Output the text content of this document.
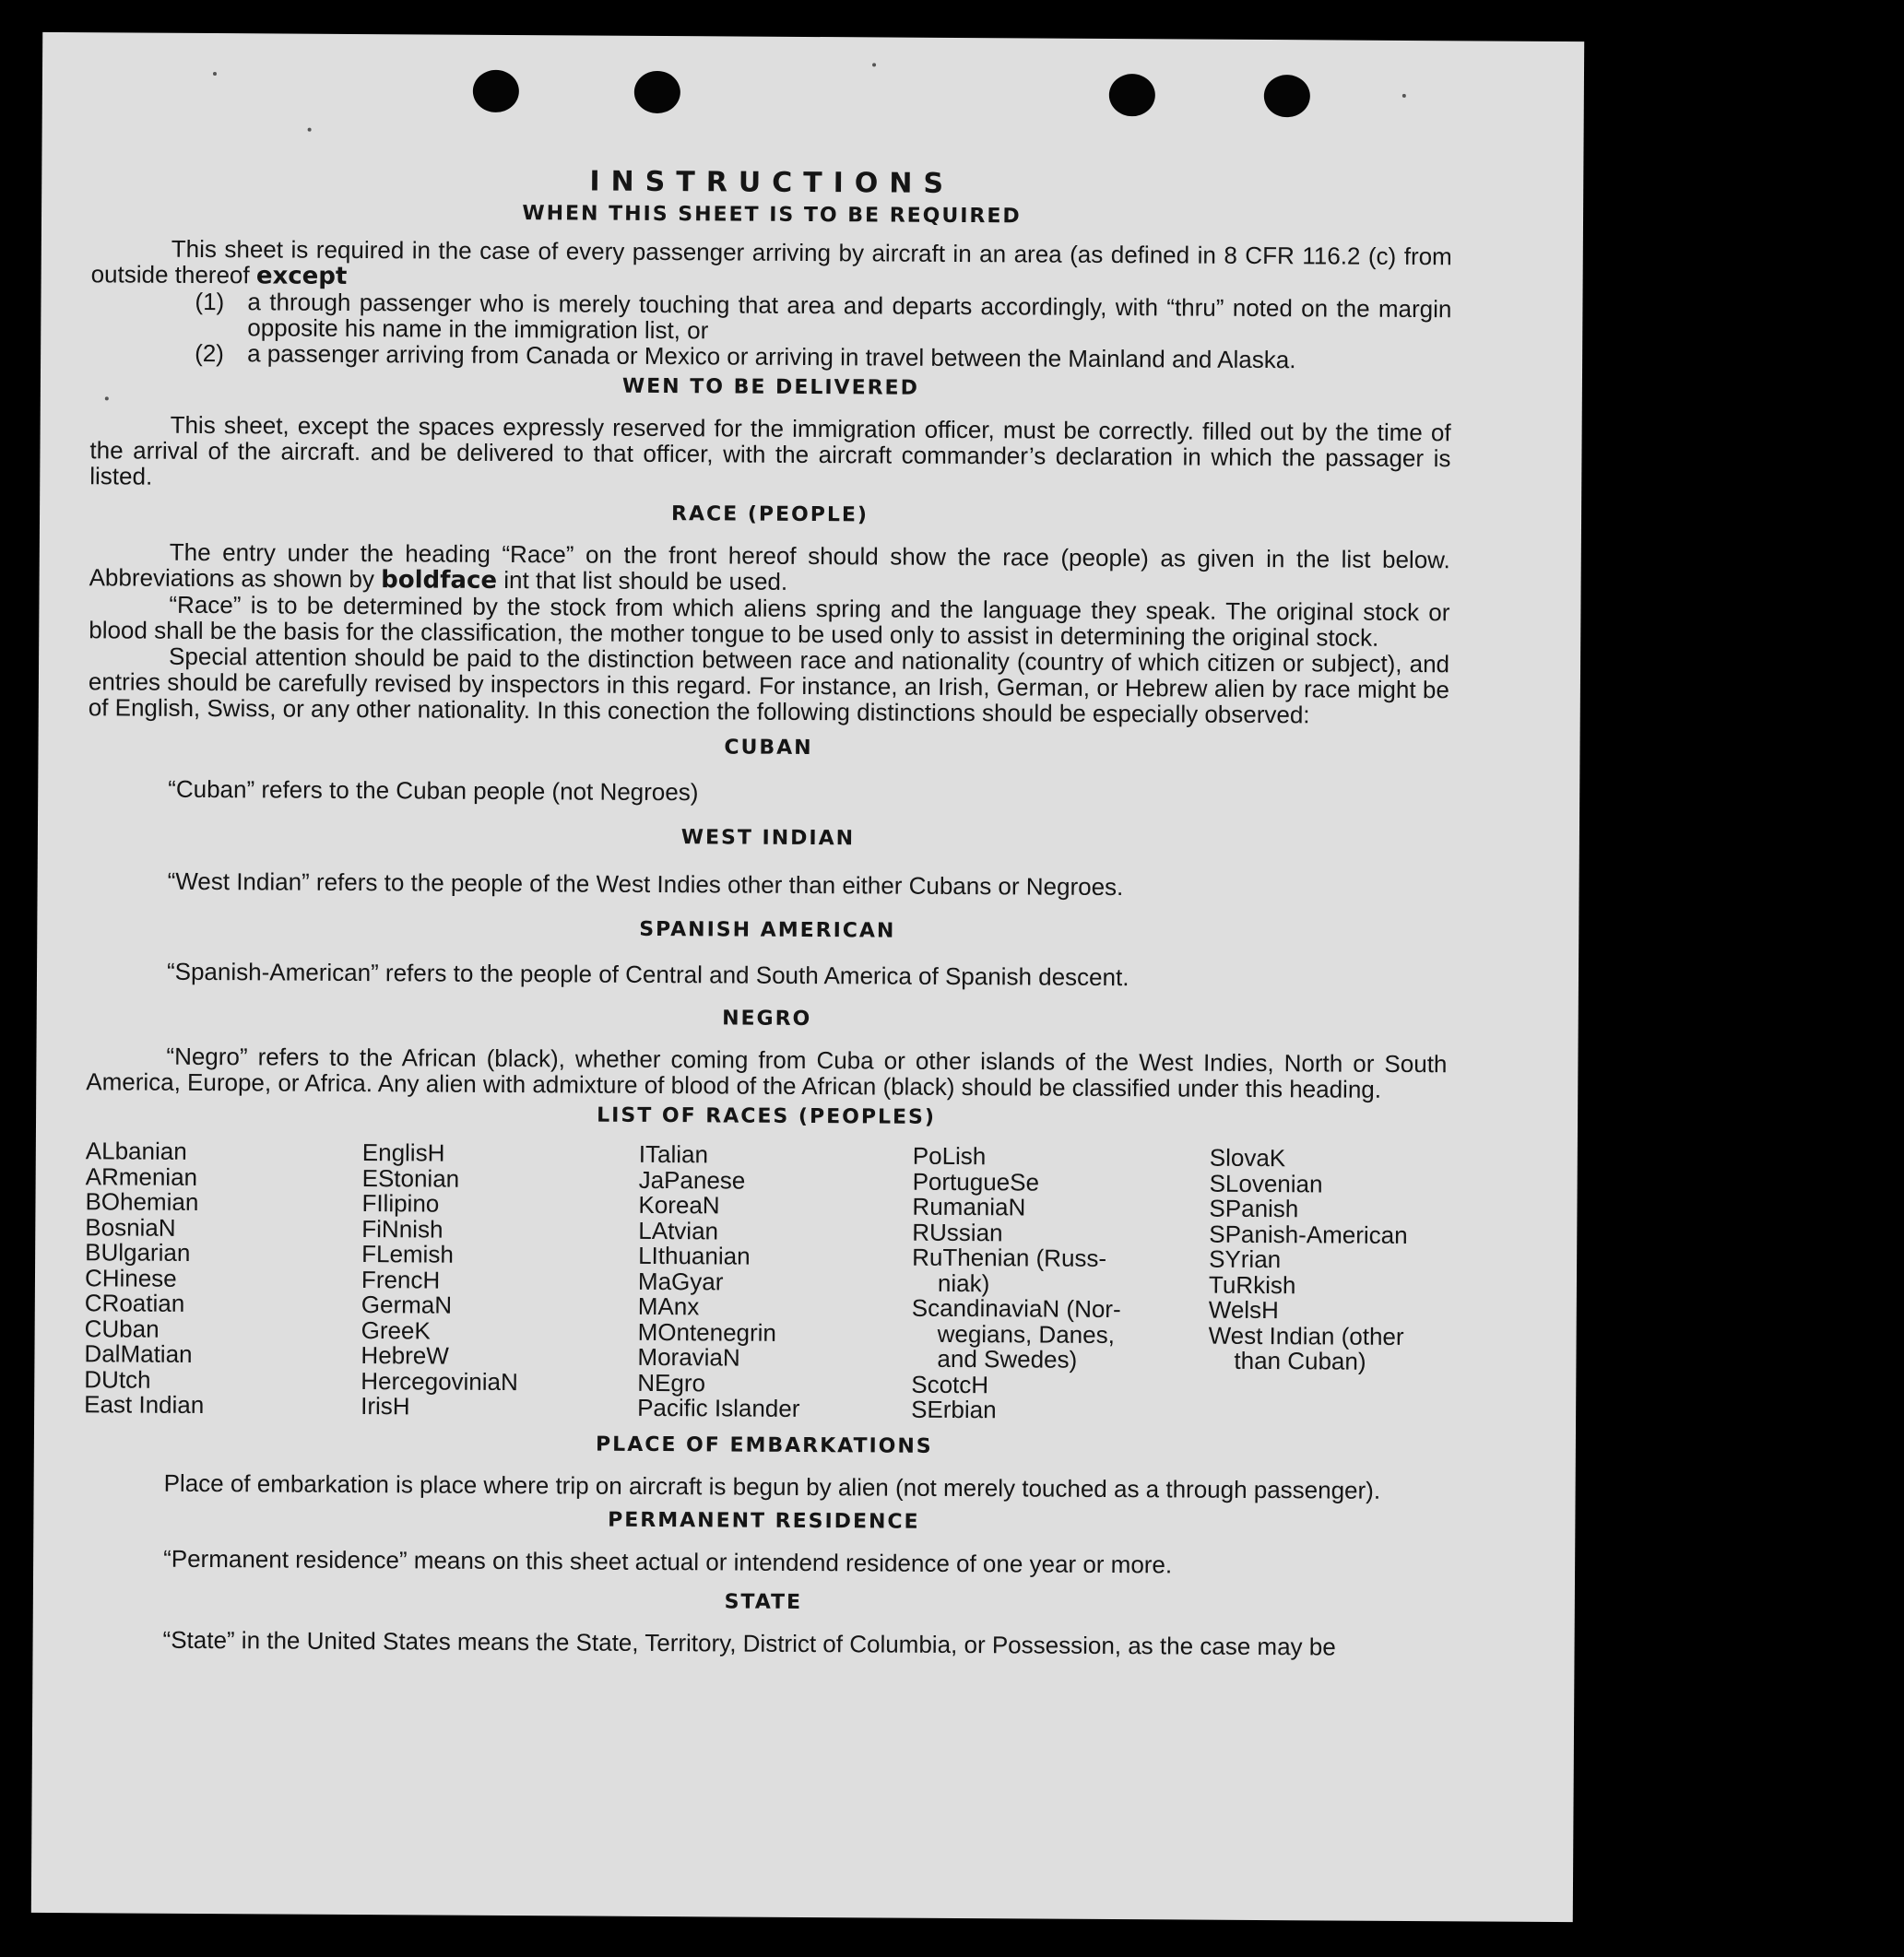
INSTRUCTIONS
WHEN THIS SHEET IS TO BE REQUIRED

This sheet is required in the case of every passenger arriving by aircraft in an area (as defined in 8 CFR 116.2 (c) from outside thereof except

(1) a through passenger who is merely touching that area and departs accordingly, with “thru” noted on the margin opposite his name in the immigration list, or
(2) a passenger arriving from Canada or Mexico or arriving in travel between the Mainland and Alaska.
WEN TO BE DELIVERED

This sheet, except the spaces expressly reserved for the immigration officer, must be correctly. filled out by the time of the arrival of the aircraft. and be delivered to that officer, with the aircraft commander’s declaration in which the passager is listed.

RACE (PEOPLE)

The entry under the heading “Race” on the front hereof should show the race (people) as given in the list below. Abbreviations as shown by boldface int that list should be used.

“Race” is to be determined by the stock from which aliens spring and the language they speak. The original stock or blood shall be the basis for the classification, the mother tongue to be used only to assist in determining the original stock.

Special attention should be paid to the distinction between race and nationality (country of which citizen or subject), and entries should be carefully revised by inspectors in this regard. For instance, an Irish, German, or Hebrew alien by race might be of English, Swiss, or any other nationality. In this conection the following distinctions should be especially observed:

CUBAN

“Cuban” refers to the Cuban people (not Negroes)

WEST INDIAN

“West Indian” refers to the people of the West Indies other than either Cubans or Negroes.

SPANISH AMERICAN

“Spanish-American” refers to the people of Central and South America of Spanish descent.

NEGRO

“Negro” refers to the African (black), whether coming from Cuba or other islands of the West Indies, North or South America, Europe, or Africa. Any alien with admixture of blood of the African (black) should be classified under this heading.

LIST OF RACES (PEOPLES)
ALbanian
ARmenian
BOhemian
BosniaN
BUlgarian
CHinese
CRoatian
CUban
DalMatian
DUtch
East Indian
EnglisH
EStonian
FIlipino
FiNnish
FLemish
FrencH
GermaN
GreeK
HebreW
HercegoviniaN
IrisH
ITalian
JaPanese
KoreaN
LAtvian
LIthuanian
MaGyar
MAnx
MOntenegrin
MoraviaN
NEgro
Pacific Islander
PoLish
PortugueSe
RumaniaN
RUssian
RuThenian (Russ-
niak)
ScandinaviaN (Nor-
wegians, Danes,
and Swedes)
ScotcH
SErbian
SlovaK
SLovenian
SPanish
SPanish-American
SYrian
TuRkish
WelsH
West Indian (other
than Cuban)
PLACE OF EMBARKATIONS

Place of embarkation is place where trip on aircraft is begun by alien (not merely touched as a through passenger).

PERMANENT RESIDENCE

“Permanent residence” means on this sheet actual or intendend residence of one year or more.

STATE

“State” in the United States means the State, Territory, District of Columbia, or Possession, as the case may be
